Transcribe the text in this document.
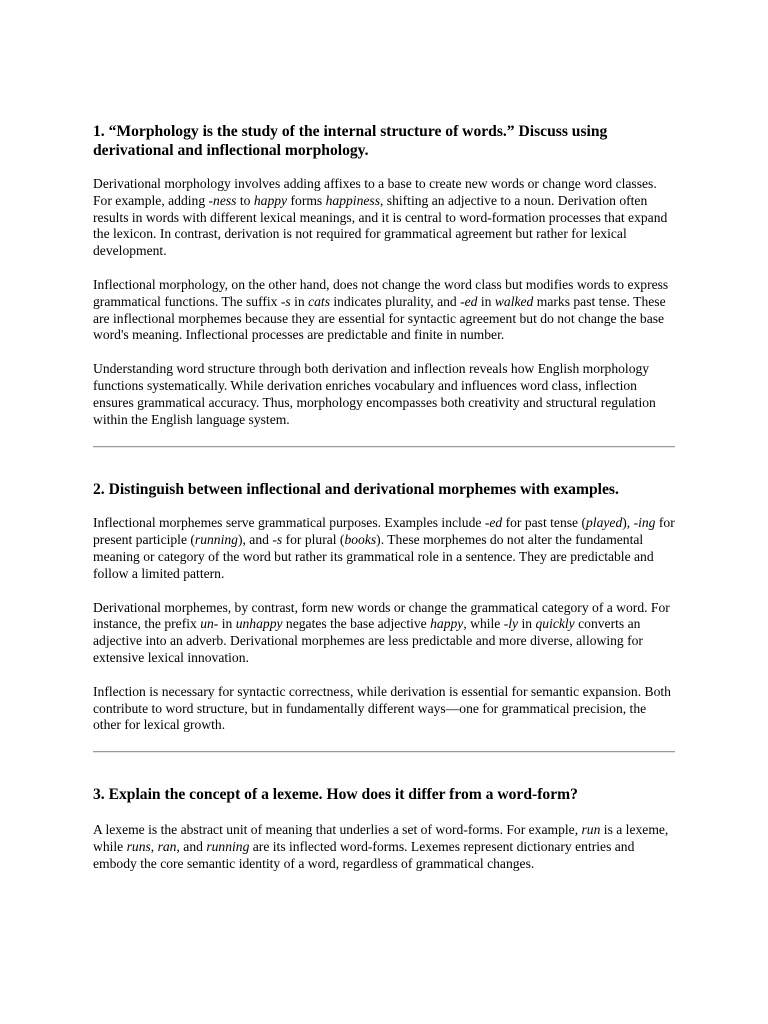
1. “Morphology is the study of the internal structure of words.” Discuss using derivational and inflectional morphology.

Derivational morphology involves adding affixes to a base to create new words or change word classes. For example, adding -ness to happy forms happiness, shifting an adjective to a noun. Derivation often results in words with different lexical meanings, and it is central to word-formation processes that expand the lexicon. In contrast, derivation is not required for grammatical agreement but rather for lexical development.

Inflectional morphology, on the other hand, does not change the word class but modifies words to express grammatical functions. The suffix -s in cats indicates plurality, and -ed in walked marks past tense. These are inflectional morphemes because they are essential for syntactic agreement but do not change the base word's meaning. Inflectional processes are predictable and finite in number.

Understanding word structure through both derivation and inflection reveals how English morphology functions systematically. While derivation enriches vocabulary and influences word class, inflection ensures grammatical accuracy. Thus, morphology encompasses both creativity and structural regulation within the English language system.

2. Distinguish between inflectional and derivational morphemes with examples.

Inflectional morphemes serve grammatical purposes. Examples include -ed for past tense (played), -ing for present participle (running), and -s for plural (books). These morphemes do not alter the fundamental meaning or category of the word but rather its grammatical role in a sentence. They are predictable and follow a limited pattern.

Derivational morphemes, by contrast, form new words or change the grammatical category of a word. For instance, the prefix un- in unhappy negates the base adjective happy, while -ly in quickly converts an adjective into an adverb. Derivational morphemes are less predictable and more diverse, allowing for extensive lexical innovation.

Inflection is necessary for syntactic correctness, while derivation is essential for semantic expansion. Both contribute to word structure, but in fundamentally different ways—one for grammatical precision, the other for lexical growth.

3. Explain the concept of a lexeme. How does it differ from a word-form?

A lexeme is the abstract unit of meaning that underlies a set of word-forms. For example, run is a lexeme, while runs, ran, and running are its inflected word-forms. Lexemes represent dictionary entries and embody the core semantic identity of a word, regardless of grammatical changes.
